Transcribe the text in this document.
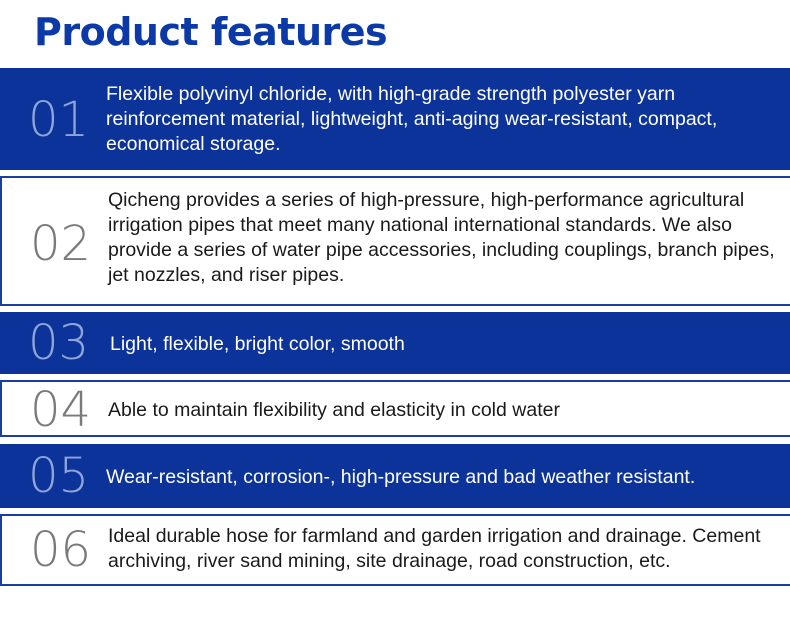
Product features
01 Flexible polyvinyl chloride, with high-grade strength polyester yarn reinforcement material, lightweight, anti-aging wear-resistant, compact, economical storage.
02
Qicheng provides a series of high-pressure, high-performance agricultural irrigation pipes that meet many national international standards. We also provide a series of water pipe accessories, including couplings, branch pipes, jet nozzles, and riser pipes.
03 Light, flexible, bright color, smooth
04 Able to maintain flexibility and elasticity in cold water
05 Wear-resistant, corrosion-, high-pressure and bad weather resistant.
06 Ideal durable hose for farmland and garden irrigation and drainage. Cement archiving, river sand mining, site drainage, road construction, etc.
